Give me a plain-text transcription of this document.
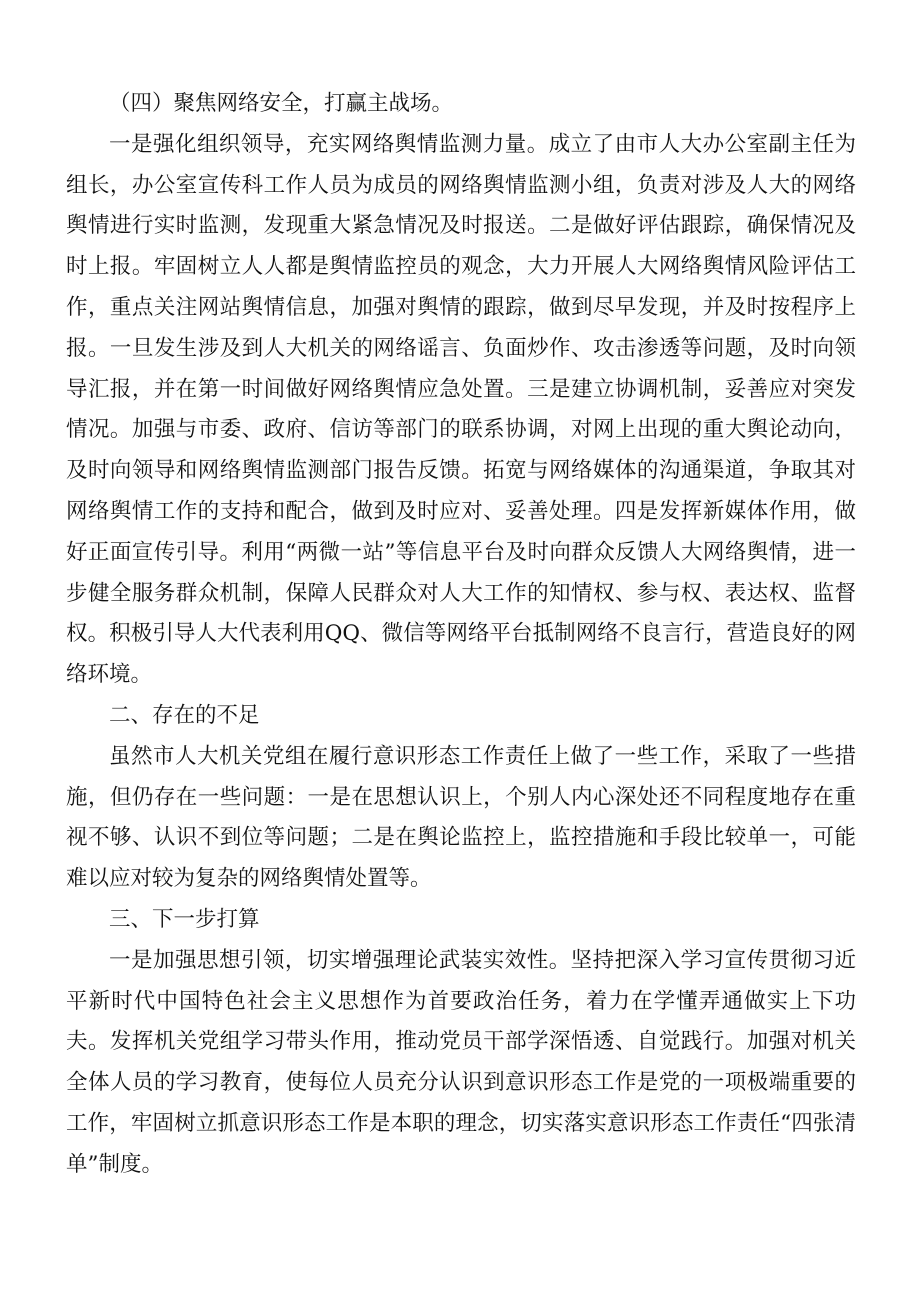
（四）聚焦网络安全，打赢主战场。

一是强化组织领导，充实网络舆情监测力量。成立了由市人大办公室副主任为组长，办公室宣传科工作人员为成员的网络舆情监测小组，负责对涉及人大的网络舆情进行实时监测，发现重大紧急情况及时报送。二是做好评估跟踪，确保情况及时上报。牢固树立人人都是舆情监控员的观念，大力开展人大网络舆情风险评估工作，重点关注网站舆情信息，加强对舆情的跟踪，做到尽早发现，并及时按程序上报。一旦发生涉及到人大机关的网络谣言、负面炒作、攻击渗透等问题，及时向领导汇报，并在第一时间做好网络舆情应急处置。三是建立协调机制，妥善应对突发情况。加强与市委、政府、信访等部门的联系协调，对网上出现的重大舆论动向，及时向领导和网络舆情监测部门报告反馈。拓宽与网络媒体的沟通渠道，争取其对网络舆情工作的支持和配合，做到及时应对、妥善处理。四是发挥新媒体作用，做好正面宣传引导。利用“两微一站”等信息平台及时向群众反馈人大网络舆情，进一步健全服务群众机制，保障人民群众对人大工作的知情权、参与权、表达权、监督权。积极引导人大代表利用QQ、微信等网络平台抵制网络不良言行，营造良好的网络环境。

二、存在的不足

虽然市人大机关党组在履行意识形态工作责任上做了一些工作，采取了一些措施，但仍存在一些问题：一是在思想认识上，个别人内心深处还不同程度地存在重视不够、认识不到位等问题；二是在舆论监控上，监控措施和手段比较单一，可能难以应对较为复杂的网络舆情处置等。

三、下一步打算

一是加强思想引领，切实增强理论武装实效性。坚持把深入学习宣传贯彻习近平新时代中国特色社会主义思想作为首要政治任务，着力在学懂弄通做实上下功夫。发挥机关党组学习带头作用，推动党员干部学深悟透、自觉践行。加强对机关全体人员的学习教育，使每位人员充分认识到意识形态工作是党的一项极端重要的工作，牢固树立抓意识形态工作是本职的理念，切实落实意识形态工作责任“四张清单”制度。
